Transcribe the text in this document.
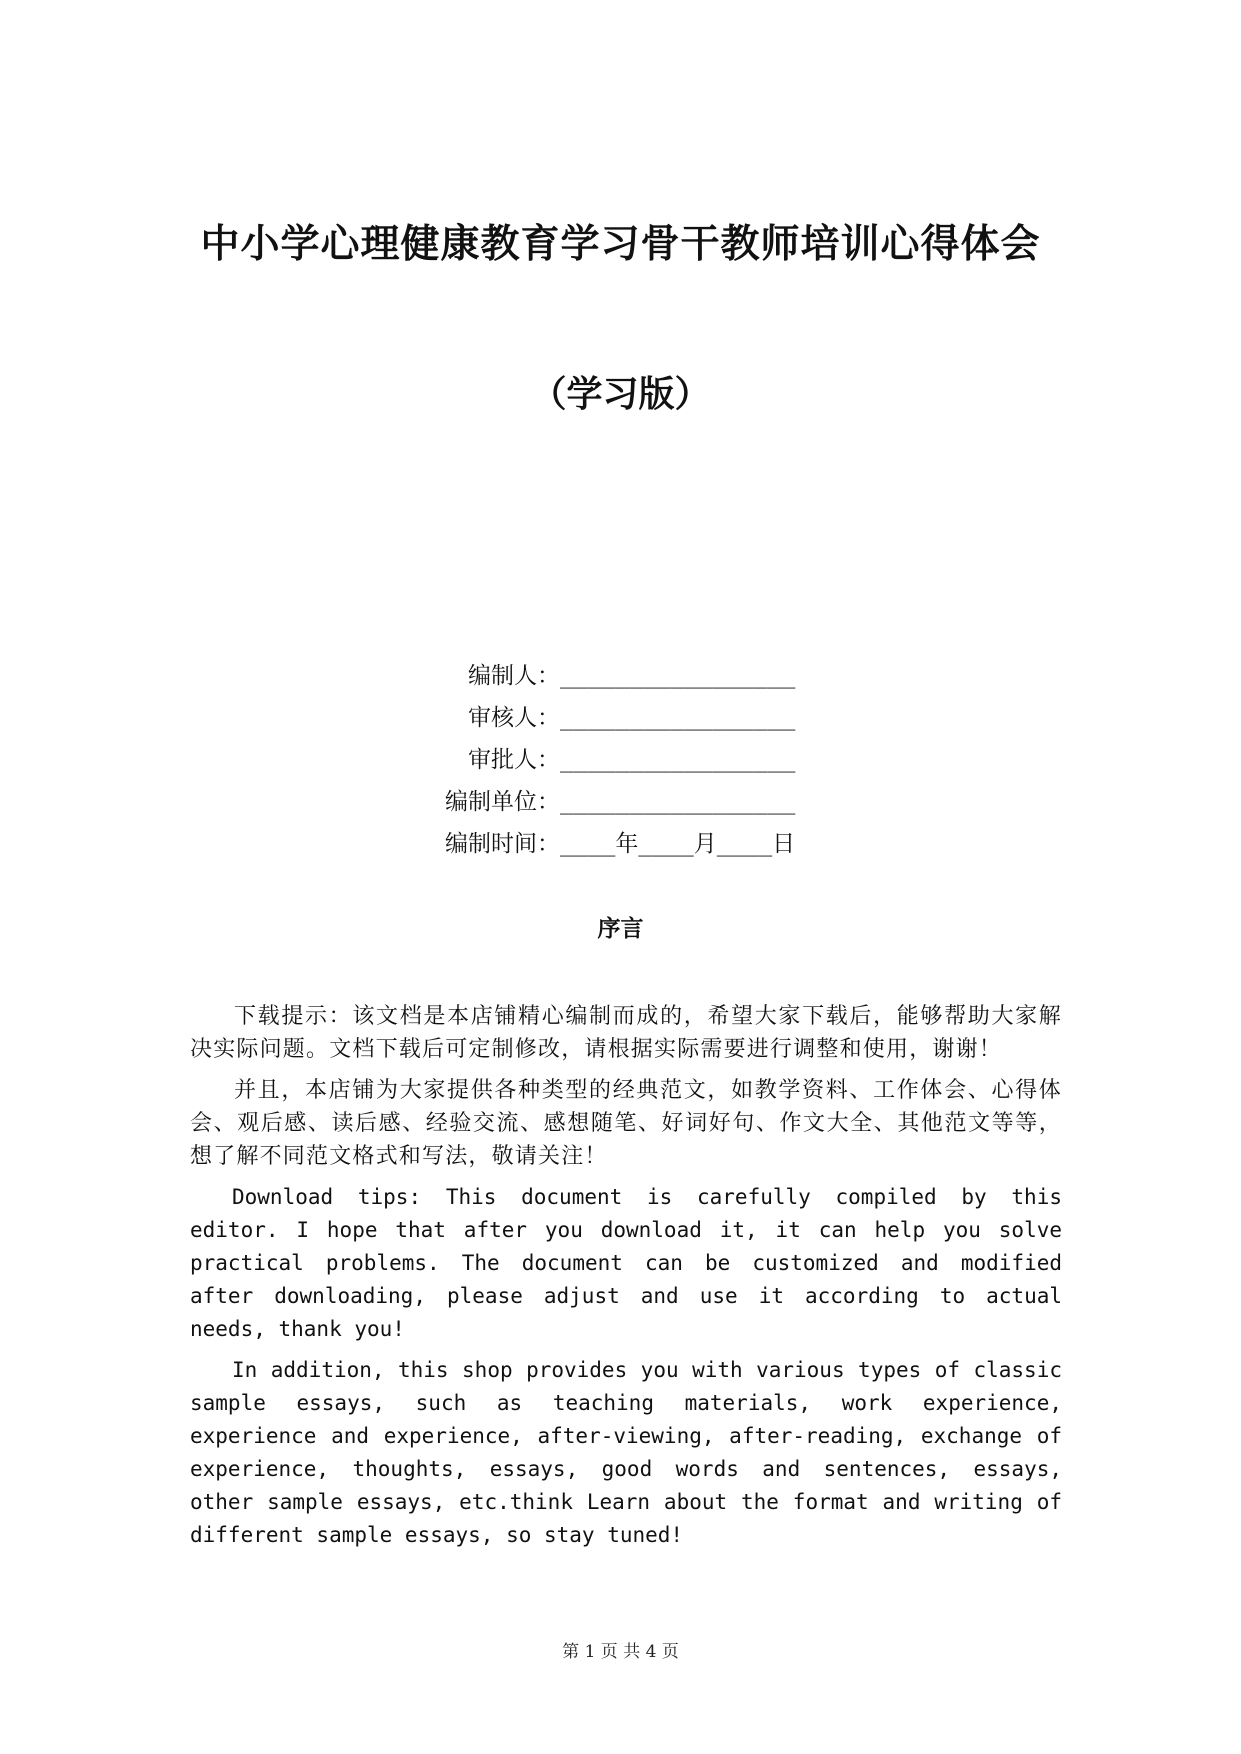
中小学心理健康教育学习骨干教师培训心得体会
（学习版）
编制人：_________________
审核人：_________________
审批人：_________________
编制单位：_________________
编制时间：____年____月____日
序言

下载提示：该文档是本店铺精心编制而成的，希望大家下载后，能够帮助大家解决实际问题。文档下载后可定制修改，请根据实际需要进行调整和使用，谢谢！

并且，本店铺为大家提供各种类型的经典范文，如教学资料、工作体会、心得体会、观后感、读后感、经验交流、感想随笔、好词好句、作文大全、其他范文等等，想了解不同范文格式和写法，敬请关注！

Download tips: This document is carefully compiled by this editor. I hope that after you download it, it can help you solve practical problems. The document can be customized and modified after downloading, please adjust and use it according to actual needs, thank you!

In addition, this shop provides you with various types of classic sample essays, such as teaching materials, work experience, experience and experience, after-viewing, after-reading, exchange of experience, thoughts, essays, good words and sentences, essays, other sample essays, etc.think Learn about the format and writing of different sample essays, so stay tuned!

第 1 页 共 4 页
